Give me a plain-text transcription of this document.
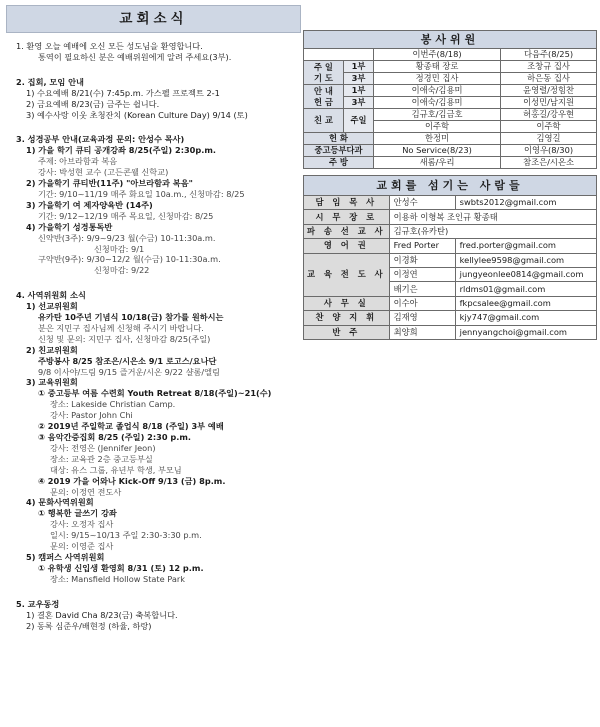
교회소식
1. 환영 오늘 예배에 오신 모든 성도님을 환영합니다.
통역이 필요하신 분은 예배위원에게 알려 주세요(3부).
2. 집회, 모임 안내
1) 수요예배 8/21(수) 7:45p.m. 가스펠 프로젝트 2-1
2) 금요예배 8/23(금) 금주는 쉽니다.
3) 예수사랑 이웃 초청잔치 (Korean Culture Day) 9/14 (토)
3. 성경공부 안내(교육과정 문의: 안성수 목사)
1) 가을 학기 큐티 공개강좌 8/25(주일) 2:30p.m.
주제: 아브라함과 복음
강사: 박성현 교수 (고든콘웰 신학교)
2) 가을학기 큐티반(11주) "아브라함과 복음"
기간: 9/10~11/19 매주 화요일 10a.m., 신청마감: 8/25
3) 가을학기 여 제자양육반 (14주)
기간: 9/12~12/19 매주 목요일, 신청마감: 8/25
4) 가을학기 성경통독반
신약반(3주): 9/9~9/23 월(수금) 10-11:30a.m.
신청마감: 9/1
구약반(9주): 9/30~12/2 월(수금) 10-11:30a.m.
신청마감: 9/22
4. 사역위원회 소식
1) 선교위원회
유카탄 10주년 기념식 10/18(금) 참가를 원하시는
분은 지민구 집사님께 신청해 주시기 바랍니다.
신청 및 문의: 지민구 집사, 신청마감 8/25(주일)
2) 친교위원회
주방봉사 8/25 참조은/시은소 9/1 로고스/요나단
9/8 이사야/드림 9/15 즐거운/시온 9/22 샬롬/엘림
3) 교육위원회
① 중고등부 여름 수련회 Youth Retreat 8/18(주일)~21(수)
장소: Lakeside Christian Camp.
강사: Pastor John Chi
② 2019년 주일학교 졸업식 8/18 (주일) 3부 예배
③ 음악간증집회 8/25 (주일) 2:30 p.m.
강사: 전영은 (Jennifer Jeon)
장소: 교육관 2층 중고등부실
대상: 유스 그룹, 유년부 학생, 부모님
④ 2019 가을 어와나 Kick-Off 9/13 (금) 8p.m.
문의: 이정연 전도사
4) 문화사역위원회
① 행복한 글쓰기 강좌
강사: 오정자 집사
일시: 9/15~10/13 주일 2:30-3:30 p.m.
문의: 이영준 집사
5) 캠퍼스 사역위원회
① 유학생 신입생 환영회 8/31 (토) 12 p.m.
장소: Mansfield Hollow State Park
5. 교우동정
1) 결혼 David Cha 8/23(금) 축복합니다.
2) 동록 심준우/배현정 (하율, 하랑)
봉사위원			
		이번주(8/18)	다음주(8/25)

주 일
기 도	1부	황종태 장로	조창규 집사
	3부	정경민 집사	하은동 집사

안 내
헌 금	1부	이애숙/김용미	윤영렬/정힘찬
	3부	이애숙/김용미	이성민/남지원
친 교	주일	김규호/김금호	허홍길/강우현
		이주학	이주학
헌 화		한정미	김영길
중고등부다과		No Service(8/23)	이영우(8/30)
주 방		새롬/우리	참조은/시온소
교회를 섬기는 사람들		
담 임 목 사	안성수	swbts2012@gmail.com
시 무 장 로	이용하 이형복 조인규 황종태	
파 송 선 교 사	김규호(유카탄)	
영 어 권	Fred Porter	fred.porter@gmail.com
교 육 전 도 사	이경화	kellylee9598@gmail.com
	이정연	jungyeonlee0814@gmail.com
	배기은	rldms01@gmail.com
사 무 실	이수아	fkpcsalee@gmail.com
찬 양 지 휘	김재영	kjy747@gmail.com
반 주	최양희	jennyangchoi@gmail.com
